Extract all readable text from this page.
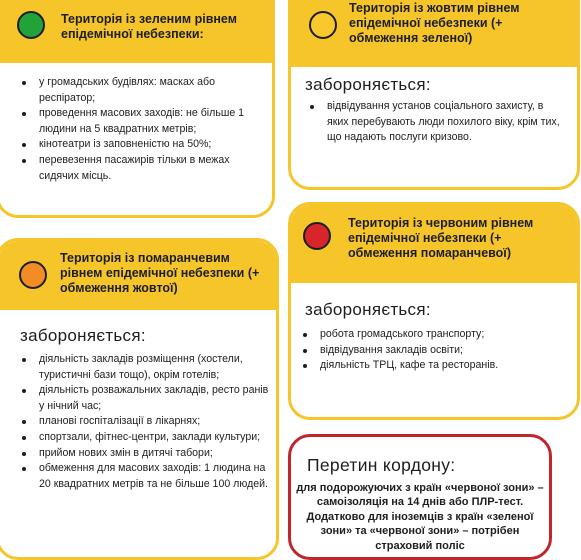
Територія із зеленим рівнем епідемічної небезпеки:
у громадських будівлях: масках або респіратор;
проведення масових заходів: не більше 1 людини на 5 квадратних метрів;
кінотеатри із заповненістю на 50%;
перевезення пасажирів тільки в межах сидячих місць.
Територія із жовтим рівнем епідемічної небезпеки (+ обмеження зеленої)
забороняється:
відвідування установ соціального захисту, в яких перебувають люди похилого віку, крім тих, що надають послуги кризово.
Територія із червоним рівнем епідемічної небезпеки (+ обмеження помаранчевої)
забороняється:
робота громадського транспорту;
відвідування закладів освіти;
діяльність ТРЦ, кафе та ресторанів.
Територія із помаранчевим рівнем епідемічної небезпеки (+ обмеження жовтої)
забороняється:
діяльність закладів розміщення (хостели, туристичні бази тощо), окрім готелів;
діяльність розважальних закладів, ресто ранів у нічний час;
планові госпіталізації в лікарнях;
спортзали, фітнес-центри, заклади культури;
прийом нових змін в дитячі табори;
обмеження для масових заходів: 1 людина на 20 квадратних метрів та не більше 100 людей.
Перетин кордону:
для подорожуючих з країн «червоної зони» – самоізоляція на 14 днів або ПЛР-тест. Додатково для іноземців з країн «зеленої зони» та «червоної зони» – потрібен страховий поліс
